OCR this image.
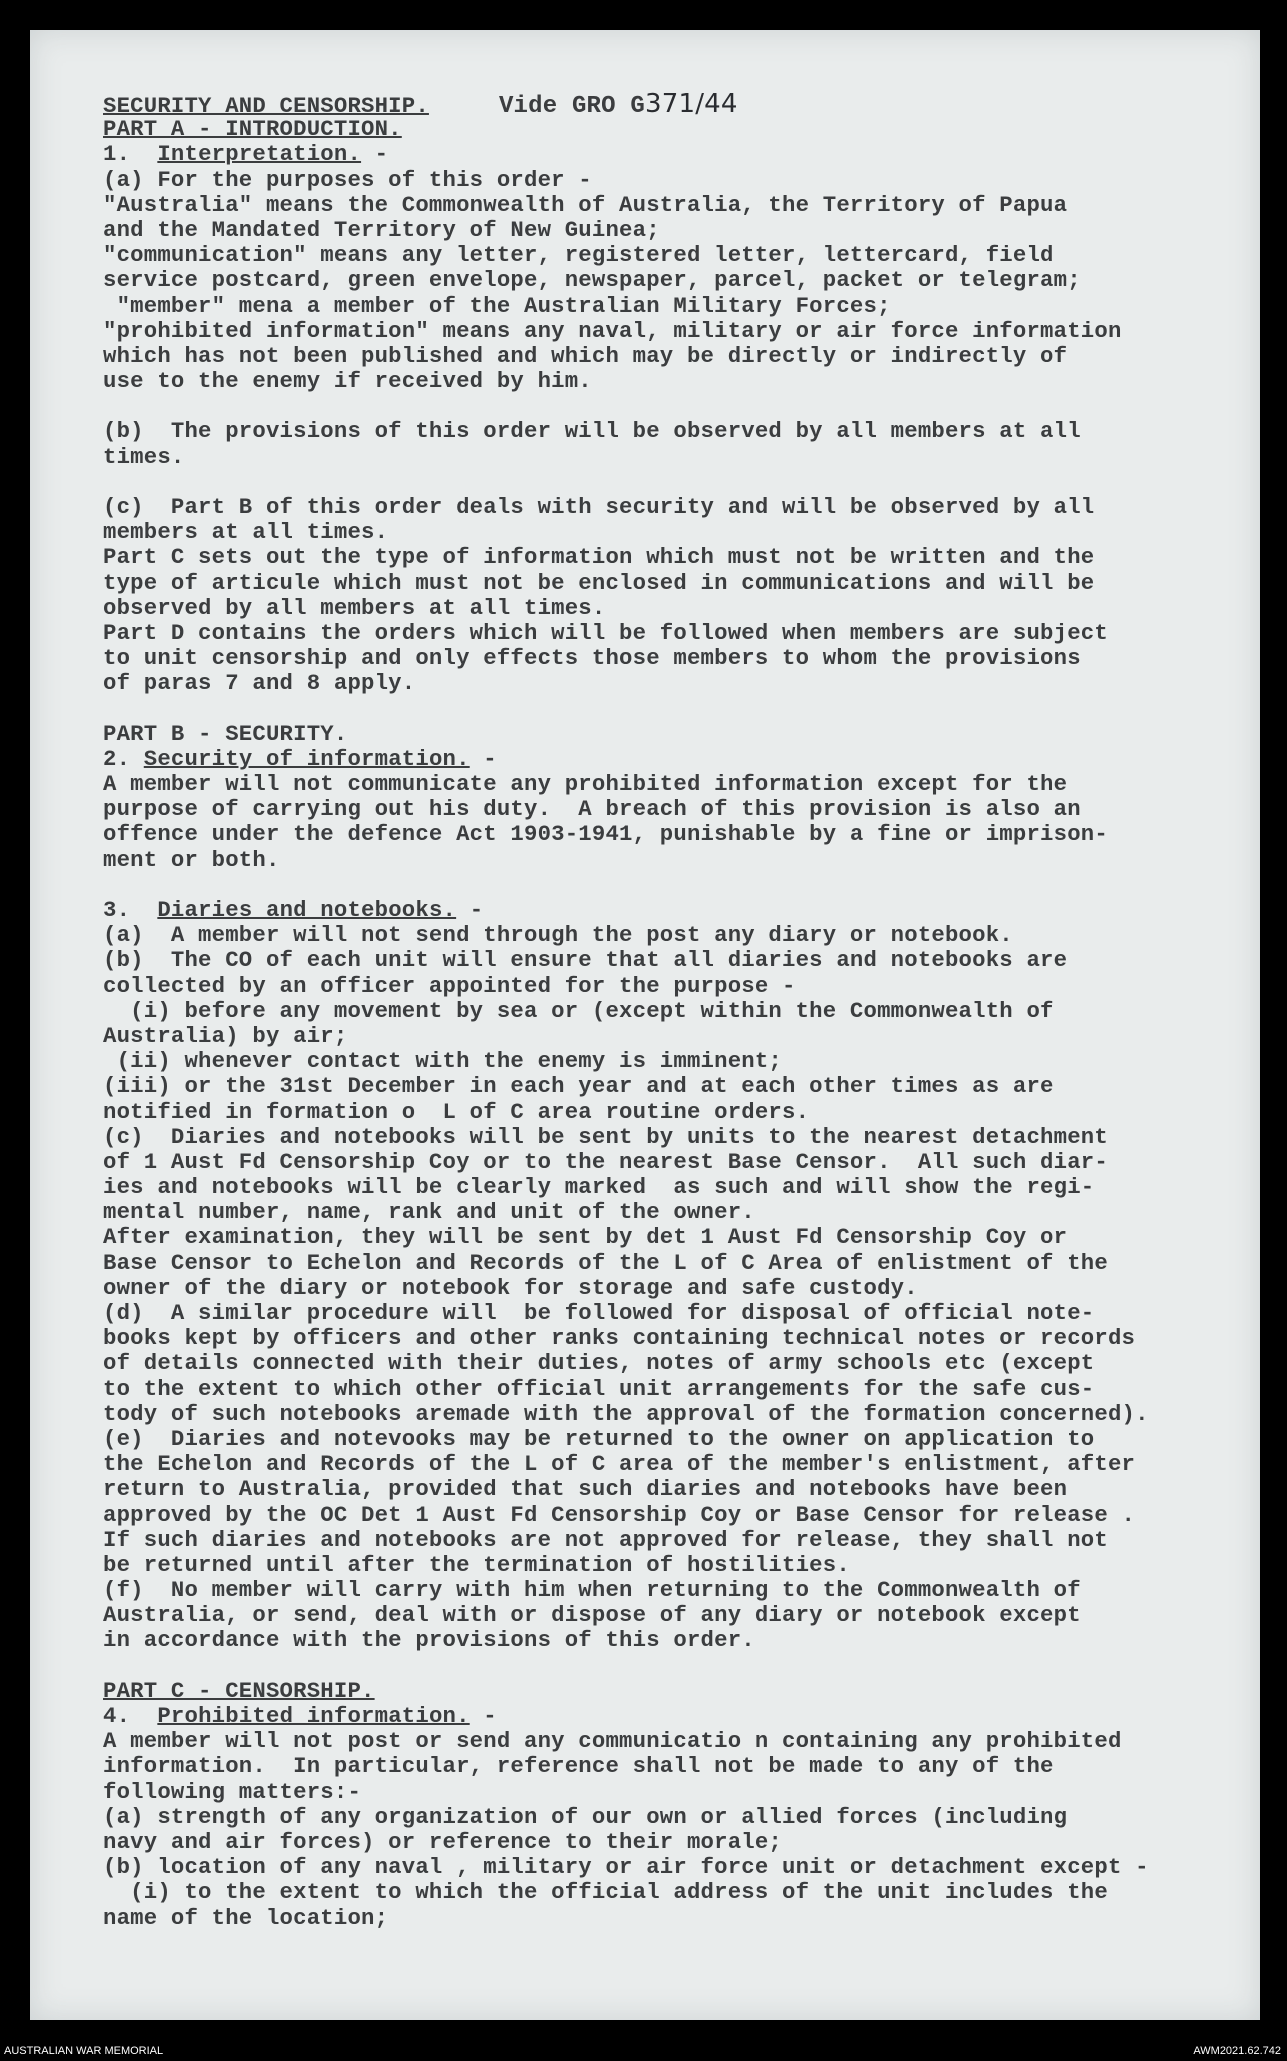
SECURITY AND CENSORSHIP.	Vide GRO G371/44
PART A - INTRODUCTION.
1. Interpretation. -
(a) For the purposes of this order -
"Australia" means the Commonwealth of Australia, the Territory of Papua
and the Mandated Territory of New Guinea;
"communication" means any letter, registered letter, lettercard, field
service postcard, green envelope, newspaper, parcel, packet or telegram;
"member" mena a member of the Australian Military Forces;
"prohibited information" means any naval, military or air force information
which has not been published and which may be directly or indirectly of
use to the enemy if received by him.
(b)  The provisions of this order will be observed by all members at all
times.
(c)  Part B of this order deals with security and will be observed by all
members at all times.
Part C sets out the type of information which must not be written and the
type of articule which must not be enclosed in communications and will be
observed by all members at all times.
Part D contains the orders which will be followed when members are subject
to unit censorship and only effects those members to whom the provisions
of paras 7 and 8 apply.
PART B - SECURITY.
2. Security of information. -
A member will not communicate any prohibited information except for the
purpose of carrying out his duty.  A breach of this provision is also an
offence under the defence Act 1903-1941, punishable by a fine or imprison-
ment or both.
3. Diaries and notebooks. -
(a)  A member will not send through the post any diary or notebook.
(b)  The CO of each unit will ensure that all diaries and notebooks are
collected by an officer appointed for the purpose -
(i) before any movement by sea or (except within the Commonwealth of
Australia) by air;
(ii) whenever contact with the enemy is imminent;
(iii) or the 31st December in each year and at each other times as are
notified in formation o  L of C area routine orders.
(c)  Diaries and notebooks will be sent by units to the nearest detachment
of 1 Aust Fd Censorship Coy or to the nearest Base Censor.  All such diar-
ies and notebooks will be clearly marked  as such and will show the regi-
mental number, name, rank and unit of the owner.
After examination, they will be sent by det 1 Aust Fd Censorship Coy or
Base Censor to Echelon and Records of the L of C Area of enlistment of the
owner of the diary or notebook for storage and safe custody.
(d)  A similar procedure will  be followed for disposal of official note-
books kept by officers and other ranks containing technical notes or records
of details connected with their duties, notes of army schools etc (except
to the extent to which other official unit arrangements for the safe cus-
tody of such notebooks aremade with the approval of the formation concerned).
(e)  Diaries and notevooks may be returned to the owner on application to
the Echelon and Records of the L of C area of the member's enlistment, after
return to Australia, provided that such diaries and notebooks have been
approved by the OC Det 1 Aust Fd Censorship Coy or Base Censor for release .
If such diaries and notebooks are not approved for release, they shall not
be returned until after the termination of hostilities.
(f)  No member will carry with him when returning to the Commonwealth of
Australia, or send, deal with or dispose of any diary or notebook except
in accordance with the provisions of this order.
PART C - CENSORSHIP.
4. Prohibited information. -
A member will not post or send any communicatio n containing any prohibited
information.  In particular, reference shall not be made to any of the
following matters:-
(a) strength of any organization of our own or allied forces (including
navy and air forces) or reference to their morale;
(b) location of any naval , military or air force unit or detachment except -
(i) to the extent to which the official address of the unit includes the
name of the location;
AUSTRALIAN WAR MEMORIAL	AWM2021.62.742
